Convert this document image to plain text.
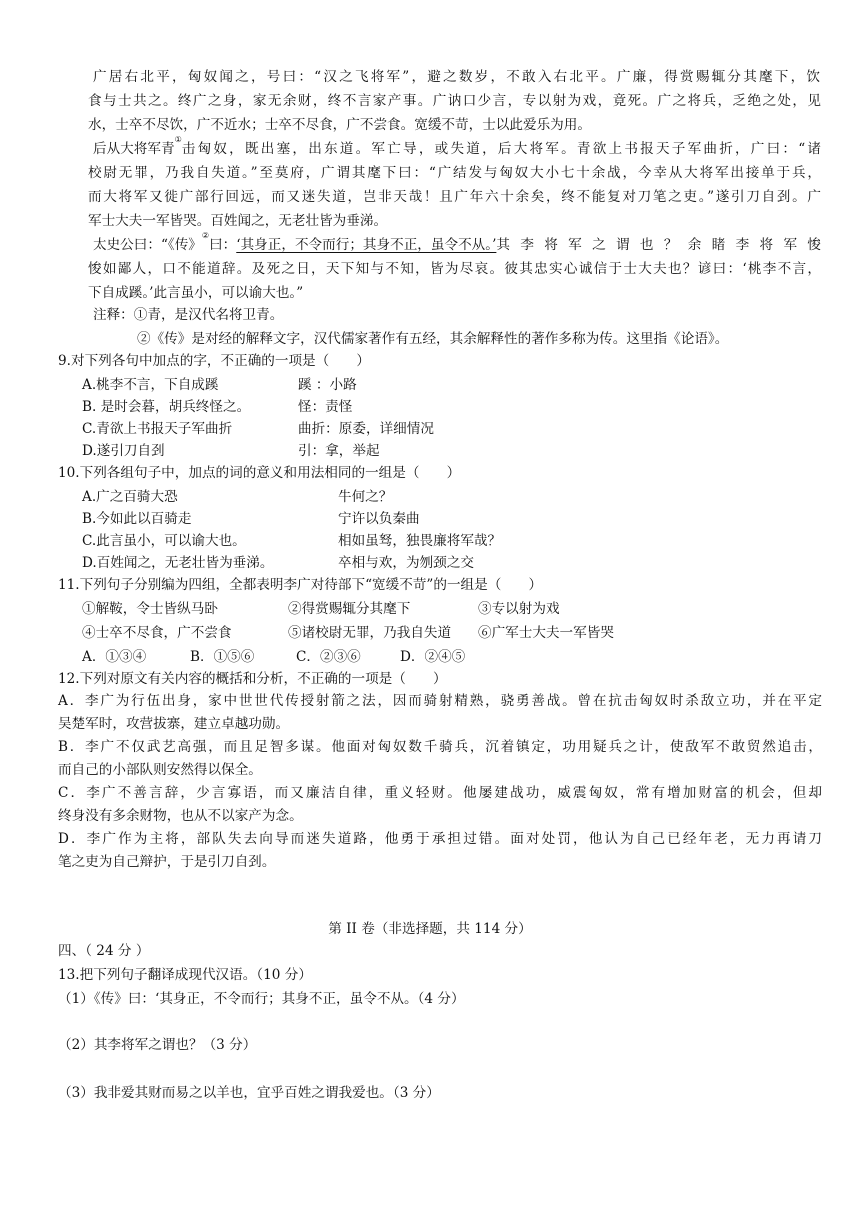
广居右北平，匈奴闻之，号曰：“汉之飞将军”，避之数岁，不敢入右北平。广廉，得赏赐辄分其麾下，饮
食与士共之。终广之身，家无余财，终不言家产事。广讷口少言，专以射为戏，竟死。广之将兵，乏绝之处，见
水，士卒不尽饮，广不近水；士卒不尽食，广不尝食。宽缓不苛，士以此爱乐为用。
后从大将军青
①
击匈奴，既出塞，出东道。军亡导，或失道，后大将军。青欲上书报天子军曲折，广曰：“诸
校尉无罪，乃我自失道。”至莫府，广谓其麾下曰：“广结发与匈奴大小七十余战，今幸从大将军出接单于兵，
而大将军又徙广部行回远，而又迷失道，岂非天哉！且广年六十余矣，终不能复对刀笔之吏。”遂引刀自刭。广
军士大夫一军皆哭。百姓闻之，无老壮皆为垂涕。
太史公曰：“《传》
②
曰： ‘其身正，不令而行；其身不正，虽令不从。’ 其李将军之谓也？余睹李将军悛
悛如鄙人，口不能道辞。及死之日，天下知与不知，皆为尽哀。彼其忠实心诚信于士大夫也？谚曰：‘桃李不言，
下自成蹊。’此言虽小，可以谕大也。”
注释：①青，是汉代名将卫青。
②《传》是对经的解释文字，汉代儒家著作有五经，其余解释性的著作多称为传。这里指《论语》。
9.对下列各句中加点的字，不正确的一项是（　　）
A.桃李不言，下自成蹊	蹊 ：小路
B. 是时会暮，胡兵终怪之。	怪：责怪
C.青欲上书报天子军曲折	曲折：原委，详细情况
D.遂引刀自刭	引：拿，举起
10.下列各组句子中，加点的词的意义和用法相同的一组是（　　）
A.广之百骑大恐	牛何之？
B.今如此以百骑走	宁许以负秦曲
C.此言虽小，可以谕大也。	相如虽驽，独畏廉将军哉？
D.百姓闻之，无老壮皆为垂涕。	卒相与欢，为刎颈之交
11.下列句子分别编为四组，全都表明李广对待部下“宽缓不苛”的一组是（　　）
①解鞍，令士皆纵马卧	②得赏赐辄分其麾下	③专以射为戏
④士卒不尽食，广不尝食	⑤诸校尉无罪，乃我自失道 ⑥广军士大夫一军皆哭
A．①③④	B．①⑤⑥	C．②③⑥	D．②④⑤
12.下列对原文有关内容的概括和分析，不正确的一项是（　　）
A．李广为行伍出身，家中世世代传授射箭之法，因而骑射精熟，骁勇善战。曾在抗击匈奴时杀敌立功，并在平定
吴楚军时，攻营拔寨，建立卓越功勋。
B．李广不仅武艺高强，而且足智多谋。他面对匈奴数千骑兵，沉着镇定，功用疑兵之计，使敌军不敢贸然追击，
而自己的小部队则安然得以保全。
C．李广不善言辞，少言寡语，而又廉洁自律，重义轻财。他屡建战功，威震匈奴，常有增加财富的机会，但却
终身没有多余财物，也从不以家产为念。
D．李广作为主将，部队失去向导而迷失道路，他勇于承担过错。面对处罚，他认为自己已经年老，无力再请刀
笔之吏为自己辩护，于是引刀自刭。
第 II 卷（非选择题，共 114 分）
四、（ 24 分 ）
13.把下列句子翻译成现代汉语。（10 分）
（1）《传》曰：‘其身正，不令而行；其身不正，虽令不从。（4 分）
（2）其李将军之谓也？（3 分）
（3）我非爱其财而易之以羊也，宜乎百姓之谓我爱也。（3 分）
